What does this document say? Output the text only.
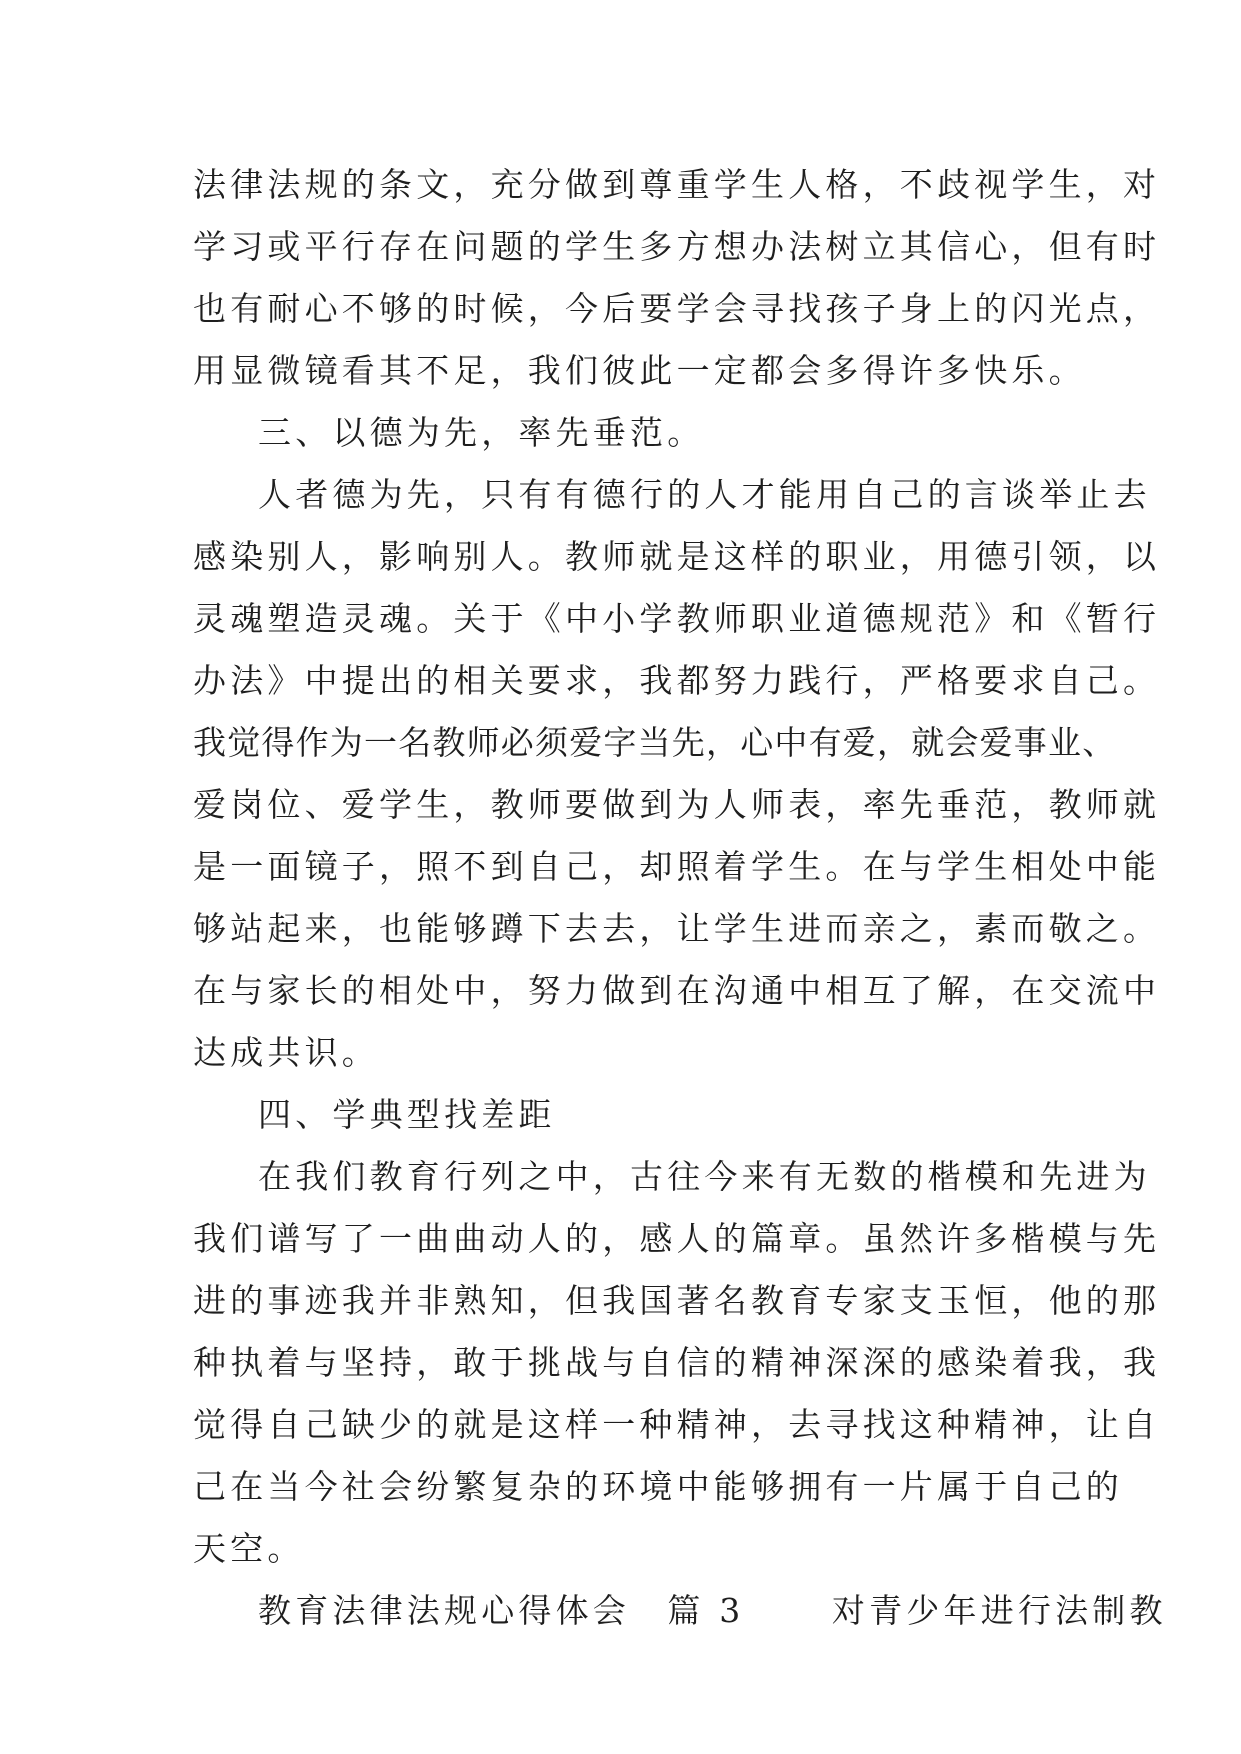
法律法规的条文，充分做到尊重学生人格，不歧视学生，对
学习或平行存在问题的学生多方想办法树立其信心，但有时
也有耐心不够的时候，今后要学会寻找孩子身上的闪光点，
用显微镜看其不足，我们彼此一定都会多得许多快乐。
三、以德为先，率先垂范。
人者德为先，只有有德行的人才能用自己的言谈举止去
感染别人，影响别人。教师就是这样的职业，用德引领，以
灵魂塑造灵魂。关于《中小学教师职业道德规范》和《暂行
办法》中提出的相关要求，我都努力践行，严格要求自己。
我觉得作为一名教师必须爱字当先，心中有爱，就会爱事业、
爱岗位、爱学生，教师要做到为人师表，率先垂范，教师就
是一面镜子，照不到自己，却照着学生。在与学生相处中能
够站起来，也能够蹲下去去，让学生进而亲之，素而敬之。
在与家长的相处中，努力做到在沟通中相互了解，在交流中
达成共识。
四、学典型找差距
在我们教育行列之中，古往今来有无数的楷模和先进为
我们谱写了一曲曲动人的，感人的篇章。虽然许多楷模与先
进的事迹我并非熟知，但我国著名教育专家支玉恒，他的那
种执着与坚持，敢于挑战与自信的精神深深的感染着我，我
觉得自己缺少的就是这样一种精神，去寻找这种精神，让自
己在当今社会纷繁复杂的环境中能够拥有一片属于自己的
天空。
教育法律法规心得体会 篇 3	对青少年进行法制教
